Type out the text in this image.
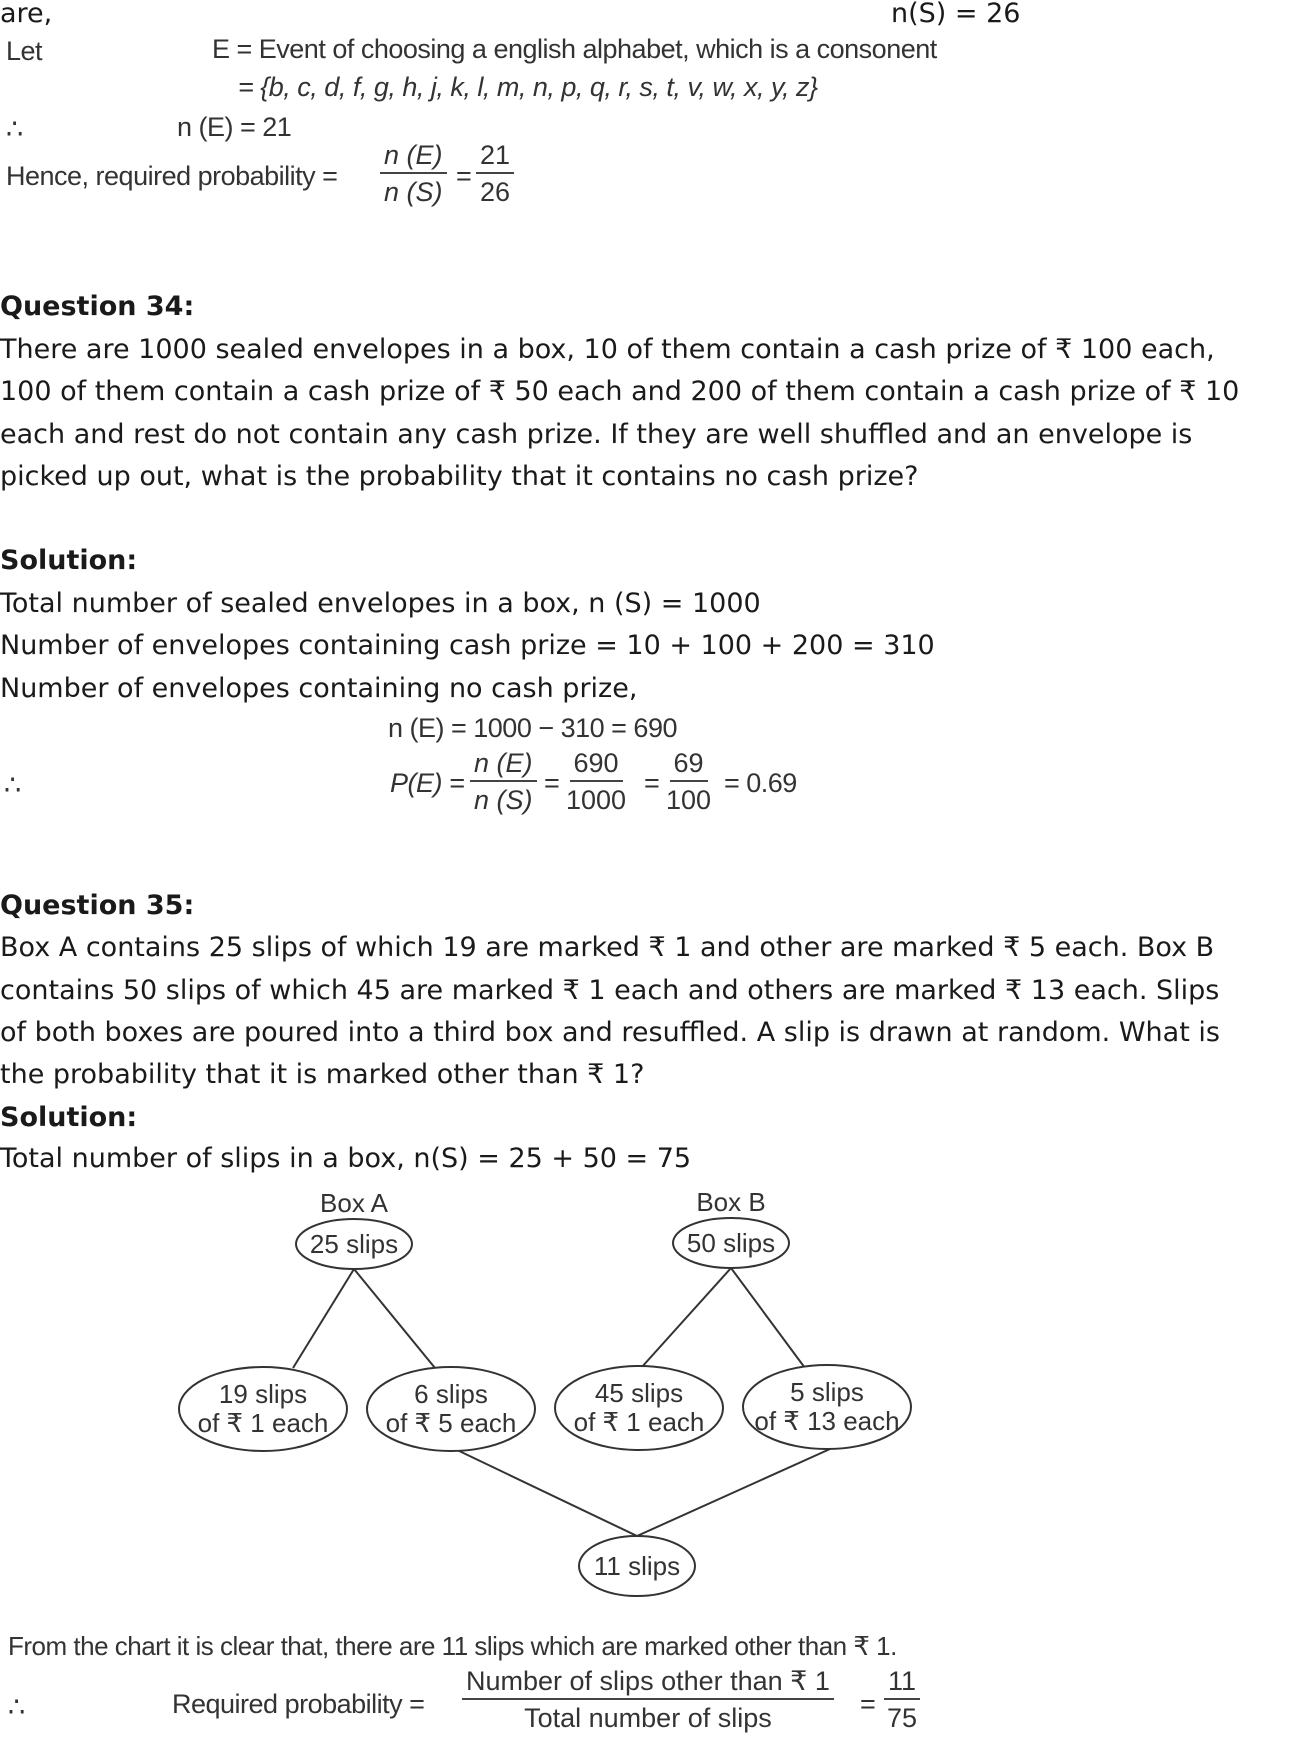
are,	n(S) = 26
Let	E = Event of choosing a english alphabet, which is a consonent
= {b, c, d, f, g, h, j, k, l, m, n, p, q, r, s, t, v, w, x, y, z}
∴	n (E) = 21
Hence, required probability = $\frac{n (E)}{n (S)} = \frac{21}{26}$
Question 34:
There are 1000 sealed envelopes in a box, 10 of them contain a cash prize of ₹ 100 each,
100 of them contain a cash prize of ₹ 50 each and 200 of them contain a cash prize of ₹ 10
each and rest do not contain any cash prize. If they are well shuffled and an envelope is
picked up out, what is the probability that it contains no cash prize?
Solution:
Total number of sealed envelopes in a box, n (S) = 1000
Number of envelopes containing cash prize = 10 + 100 + 200 = 310
Number of envelopes containing no cash prize,
n (E) = 1000 − 310 = 690
∴	$P(E) = \frac{n (E)}{n (S)} = \frac{690}{1000} = \frac{69}{100} = 0.69$
Question 35:
Box A contains 25 slips of which 19 are marked ₹ 1 and other are marked ₹ 5 each. Box B
contains 50 slips of which 45 are marked ₹ 1 each and others are marked ₹ 13 each. Slips
of both boxes are poured into a third box and resuffled. A slip is drawn at random. What is
the probability that it is marked other than ₹ 1?
Solution:
Total number of slips in a box, n(S) = 25 + 50 = 75
Box A	Box B
25 slips	50 slips
19 slips
of ₹ 1 each
6 slips
of ₹ 5 each
45 slips
of ₹ 1 each
5 slips
of ₹ 13 each
11 slips
From the chart it is clear that, there are 11 slips which are marked other than ₹ 1.
∴	Required probability =
Number of slips other than ₹ 1
Total number of slips	= $\frac{11}{75}$
